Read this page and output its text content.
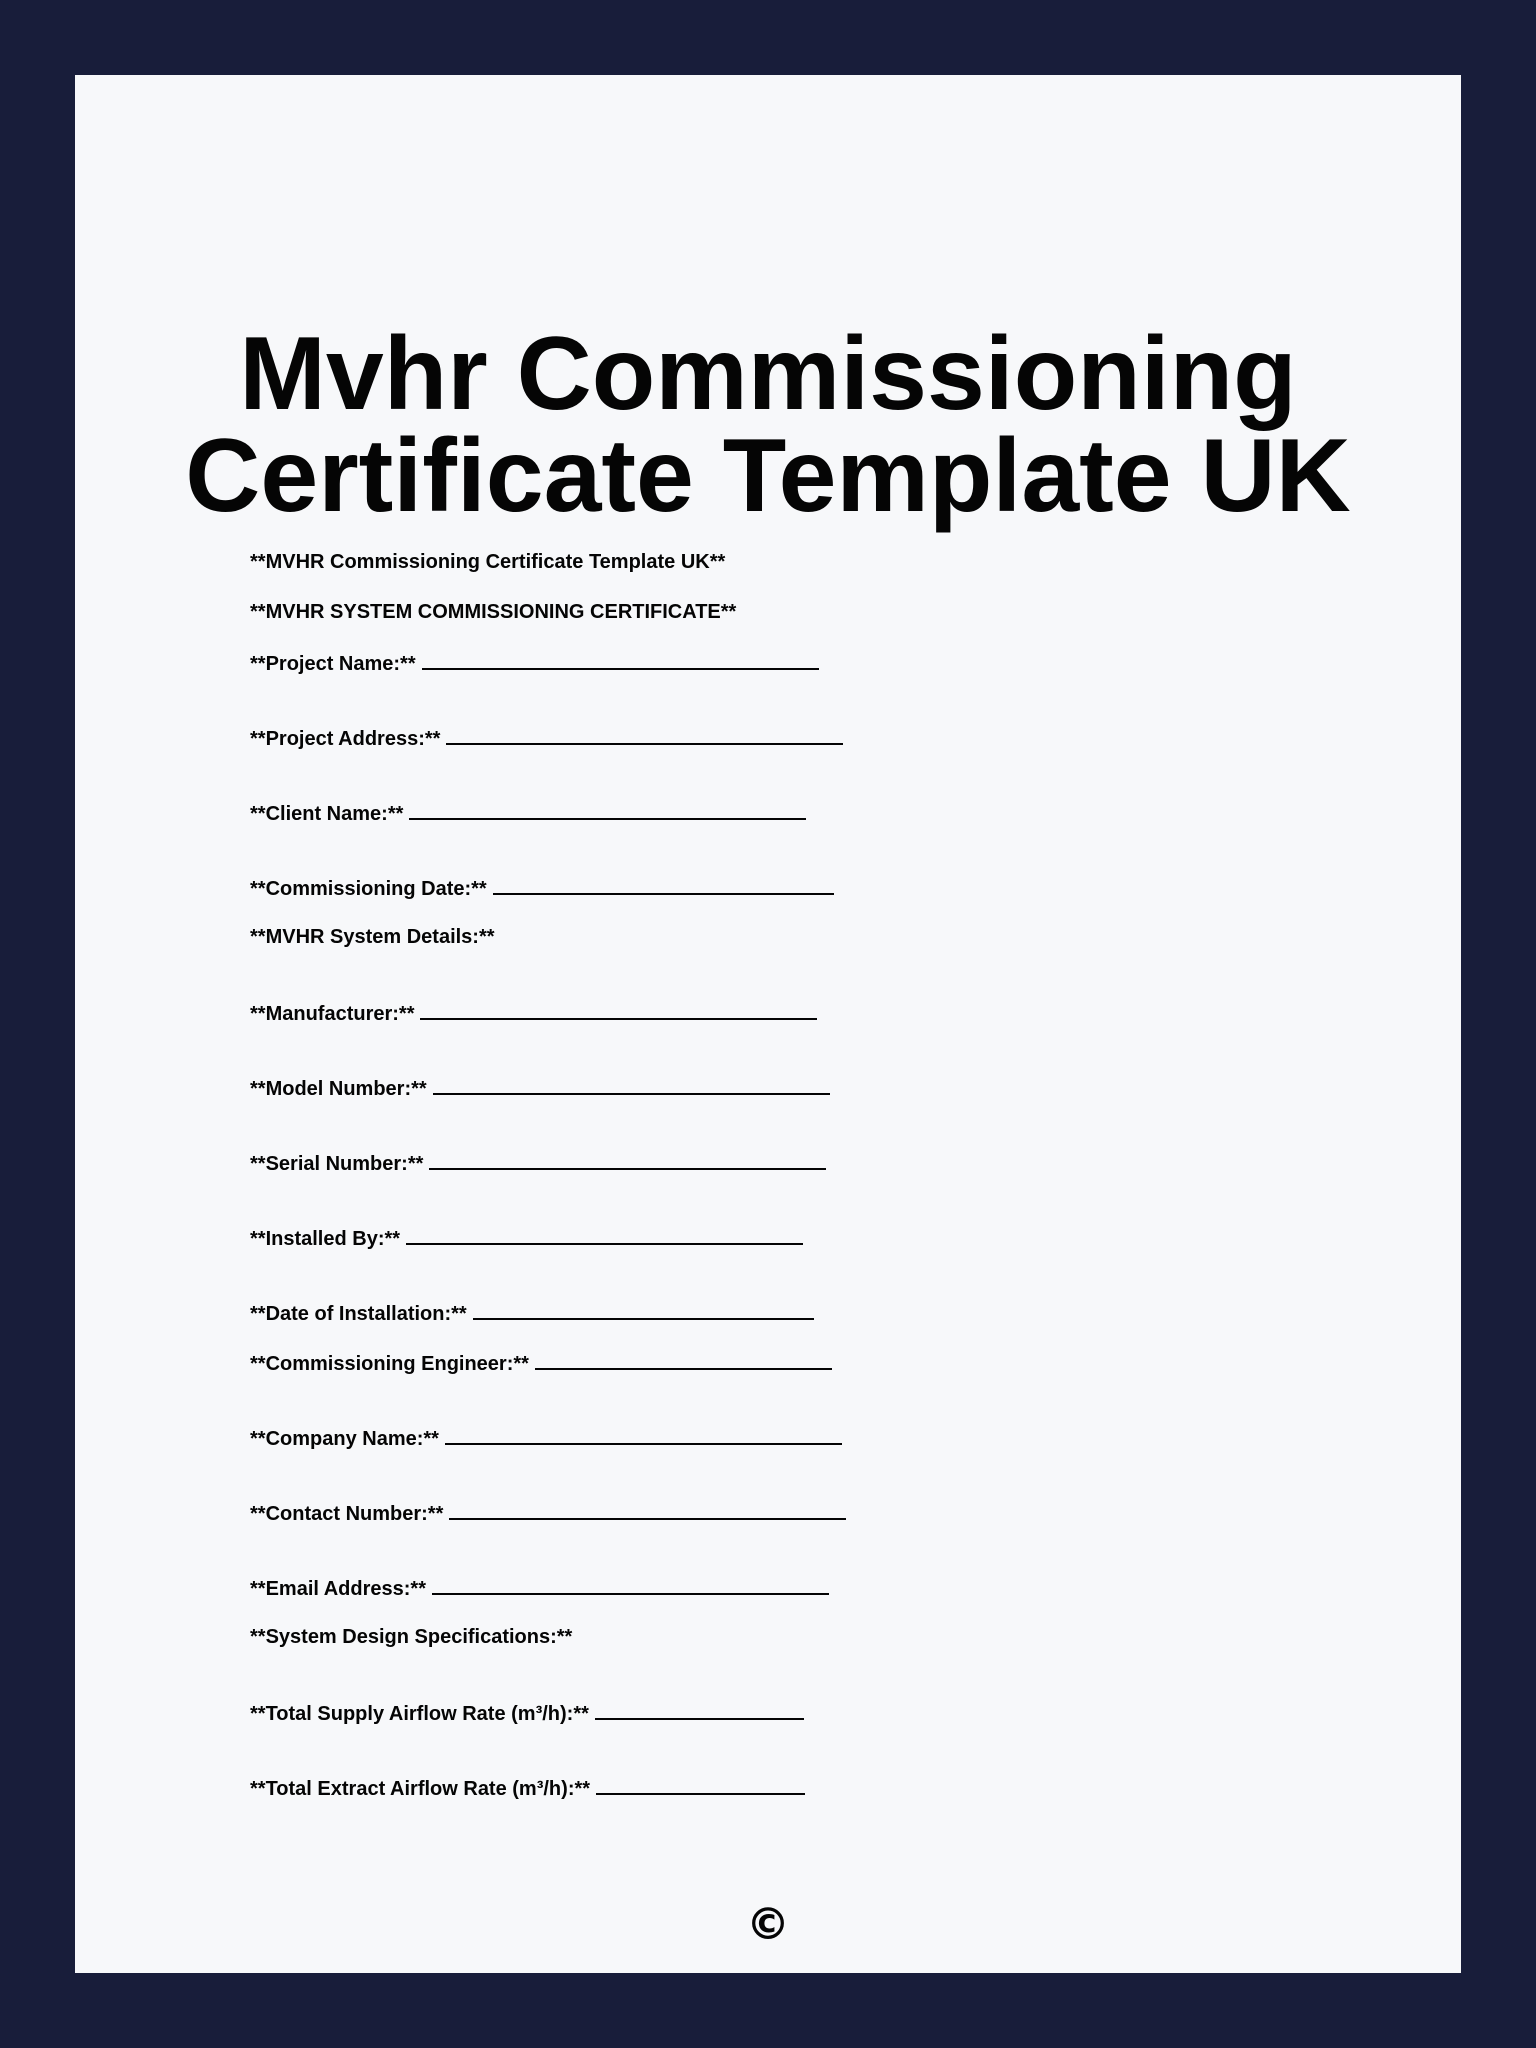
Mvhr Commissioning
Certificate Template UK
**MVHR Commissioning Certificate Template UK**
**MVHR SYSTEM COMMISSIONING CERTIFICATE**
**Project Name:**
**Project Address:**
**Client Name:**
**Commissioning Date:**
**MVHR System Details:**
**Manufacturer:**
**Model Number:**
**Serial Number:**
**Installed By:**
**Date of Installation:**
**Commissioning Engineer:**
**Company Name:**
**Contact Number:**
**Email Address:**
**System Design Specifications:**
**Total Supply Airflow Rate (m³/h):**
**Total Extract Airflow Rate (m³/h):**
©
